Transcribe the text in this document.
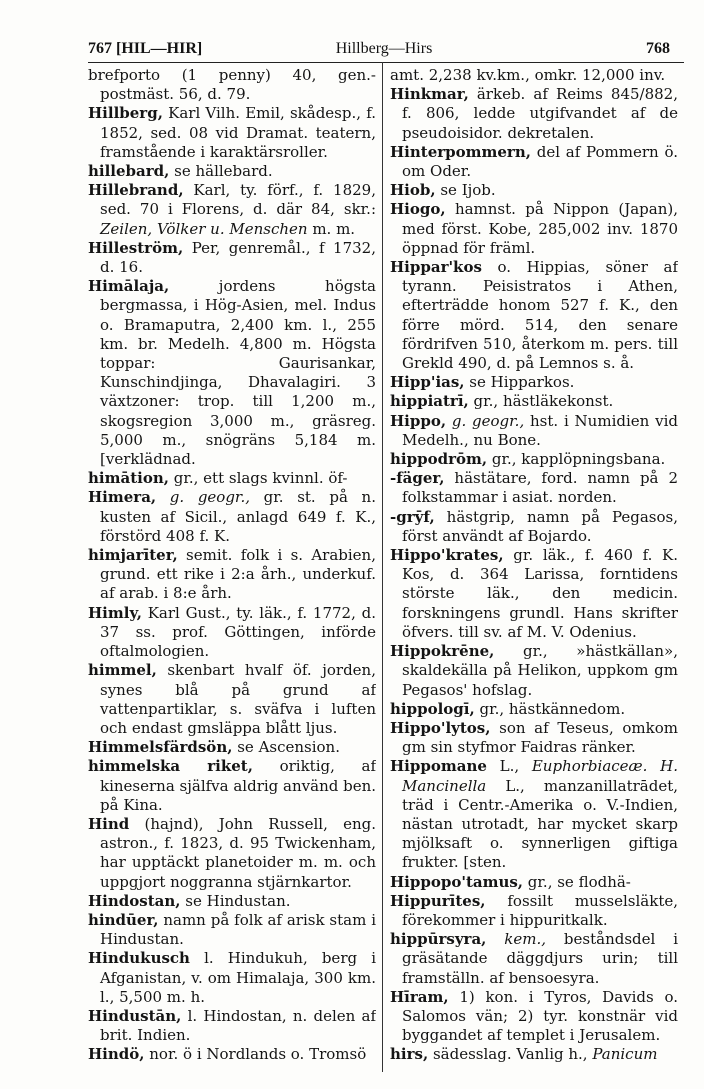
767 [HIL—HIR]	Hillberg—Hirs	768
brefporto (1 penny) 40, gen.-postmäst. 56, d. 79.
Hillberg, Karl Vilh. Emil, skådesp., f. 1852, sed. 08 vid Dramat. teatern, framstående i karaktärsroller.
hillebard, se hällebard.
Hillebrand, Karl, ty. förf., f. 1829, sed. 70 i Florens, d. där 84, skr.: Zeilen, Völker u. Menschen m. m.
Hilleström, Per, genremål., f 1732, d. 16.
Himālaja, jordens högsta bergmassa, i Hög-Asien, mel. Indus o. Bramaputra, 2,400 km. l., 255 km. br. Medelh. 4,800 m. Högsta toppar: Gaurisankar, Kunschindjinga, Dhavalagiri. 3 växtzoner: trop. till 1,200 m., skogsregion 3,000 m., gräsreg. 5,000 m., snögräns 5,184 m. [verklädnad.
himātion, gr., ett slags kvinnl. öf-
Himera, g. geogr., gr. st. på n. kusten af Sicil., anlagd 649 f. K., förstörd 408 f. K.
himjarīter, semit. folk i s. Arabien, grund. ett rike i 2:a årh., underkuf. af arab. i 8:e årh.
Himly, Karl Gust., ty. läk., f. 1772, d. 37 ss. prof. Göttingen, införde oftalmologien.
himmel, skenbart hvalf öf. jorden, synes blå på grund af vattenpartiklar, s. sväfva i luften och endast gmsläppa blått ljus.
Himmelsfärdsön, se Ascension.
himmelska riket, oriktig, af kineserna själfva aldrig använd ben. på Kina.
Hind (hajnd), John Russell, eng. astron., f. 1823, d. 95 Twickenham, har upptäckt planetoider m. m. och uppgjort noggranna stjärnkartor.
Hindostan, se Hindustan.
hindūer, namn på folk af arisk stam i Hindustan.
Hindukusch l. Hindukuh, berg i Afganistan, v. om Himalaja, 300 km. l., 5,500 m. h.
Hindustān, l. Hindostan, n. delen af brit. Indien.
Hindö, nor. ö i Nordlands o. Tromsö
amt. 2,238 kv.km., omkr. 12,000 inv.
Hinkmar, ärkeb. af Reims 845/882, f. 806, ledde utgifvandet af de pseudoisidor. dekretalen.
Hinterpommern, del af Pommern ö. om Oder.
Hiob, se Ijob.
Hiogo, hamnst. på Nippon (Japan), med först. Kobe, 285,002 inv. 1870 öppnad för främl.
Hippar'kos o. Hippias, söner af tyrann. Peisistratos i Athen, efterträdde honom 527 f. K., den förre mörd. 514, den senare fördrifven 510, återkom m. pers. till Grekld 490, d. på Lemnos s. å.
Hipp'ias, se Hipparkos.
hippiatrī, gr., hästläkekonst.
Hippo, g. geogr., hst. i Numidien vid Medelh., nu Bone.
hippodrōm, gr., kapplöpningsbana.
-fäger, hästätare, ford. namn på 2 folkstammar i asiat. norden.
-grȳf, hästgrip, namn på Pegasos, först användt af Bojardo.
Hippo'krates, gr. läk., f. 460 f. K. Kos, d. 364 Larissa, forntidens störste läk., den medicin. forskningens grundl. Hans skrifter öfvers. till sv. af M. V. Odenius.
Hippokrēne, gr., »hästkällan», skaldekälla på Helikon, uppkom gm Pegasos' hofslag.
hippologī, gr., hästkännedom.
Hippo'lytos, son af Teseus, omkom gm sin styfmor Faidras ränker.
Hippomane L., Euphorbiaceæ. H. Mancinella L., manzanillatrādet, träd i Centr.-Amerika o. V.-Indien, nästan utrotadt, har mycket skarp mjölksaft o. synnerligen giftiga frukter. [sten.
Hippopo'tamus, gr., se flodhä-
Hippurītes, fossilt musselsläkte, förekommer i hippuritkalk.
hippūrsyra, kem., beståndsdel i gräsätande däggdjurs urin; till framställn. af bensoesyra.
Hīram, 1) kon. i Tyros, Davids o. Salomos vän; 2) tyr. konstnär vid byggandet af templet i Jerusalem.
hirs, sädesslag. Vanlig h., Panicum
